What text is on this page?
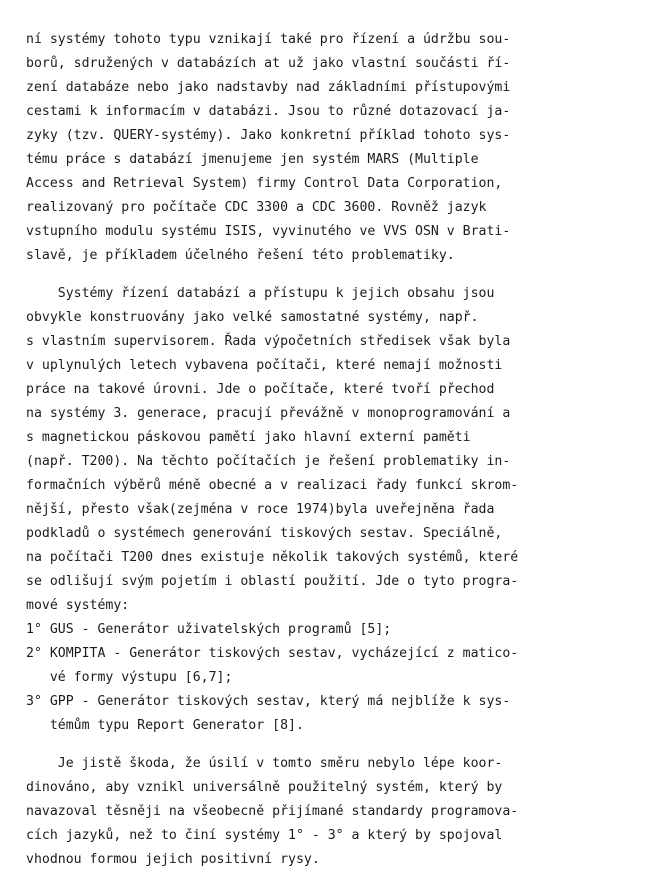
ní systémy tohoto typu vznikají také pro řízení a údržbu sou-

borů, sdružených v databázích at už jako vlastní součásti ří-

zení databáze nebo jako nadstavby nad základními přístupovými

cestami k informacím v databázi. Jsou to různé dotazovací ja-

zyky (tzv. QUERY-systémy). Jako konkretní příklad tohoto sys-

tému práce s databází jmenujeme jen systém MARS (Multiple

Access and Retrieval System) firmy Control Data Corporation,

realizovaný pro počítače CDC 3300 a CDC 3600. Rovněž jazyk

vstupního modulu systému ISIS, vyvinutého ve VVS OSN v Brati-

slavě, je příkladem účelného řešení této problematiky.

Systémy řízení databází a přístupu k jejich obsahu jsou

obvykle konstruovány jako velké samostatné systémy, např.

s vlastním supervisorem. Řada výpočetních středisek však byla

v uplynulých letech vybavena počítači, které nemají možnosti

práce na takové úrovni. Jde o počítače, které tvoří přechod

na systémy 3. generace, pracují převážně v monoprogramování a

s magnetickou páskovou pamětí jako hlavní externí paměti

(např. T200). Na těchto počítačích je řešení problematiky in-

formačních výběrů méně obecné a v realizaci řady funkcí skrom-

nější, přesto však(zejména v roce 1974)byla uveřejněna řada

podkladů o systémech generování tiskových sestav. Speciálně,

na počítači T200 dnes existuje několik takových systémů, které

se odlišují svým pojetím i oblastí použití. Jde o tyto progra-

mové systémy:

1° GUS - Generátor uživatelských programů [5];

2° KOMPITA - Generátor tiskových sestav, vycházející z matico-

vé formy výstupu [6,7];

3° GPP - Generátor tiskových sestav, který má nejblíže k sys-

témům typu Report Generator [8].

Je jistě škoda, že úsilí v tomto směru nebylo lépe koor-

dinováno, aby vznikl universálně použitelný systém, který by

navazoval těsněji na všeobecně přijímané standardy programova-

cích jazyků, než to činí systémy 1° - 3° a který by spojoval

vhodnou formou jejich positivní rysy.
